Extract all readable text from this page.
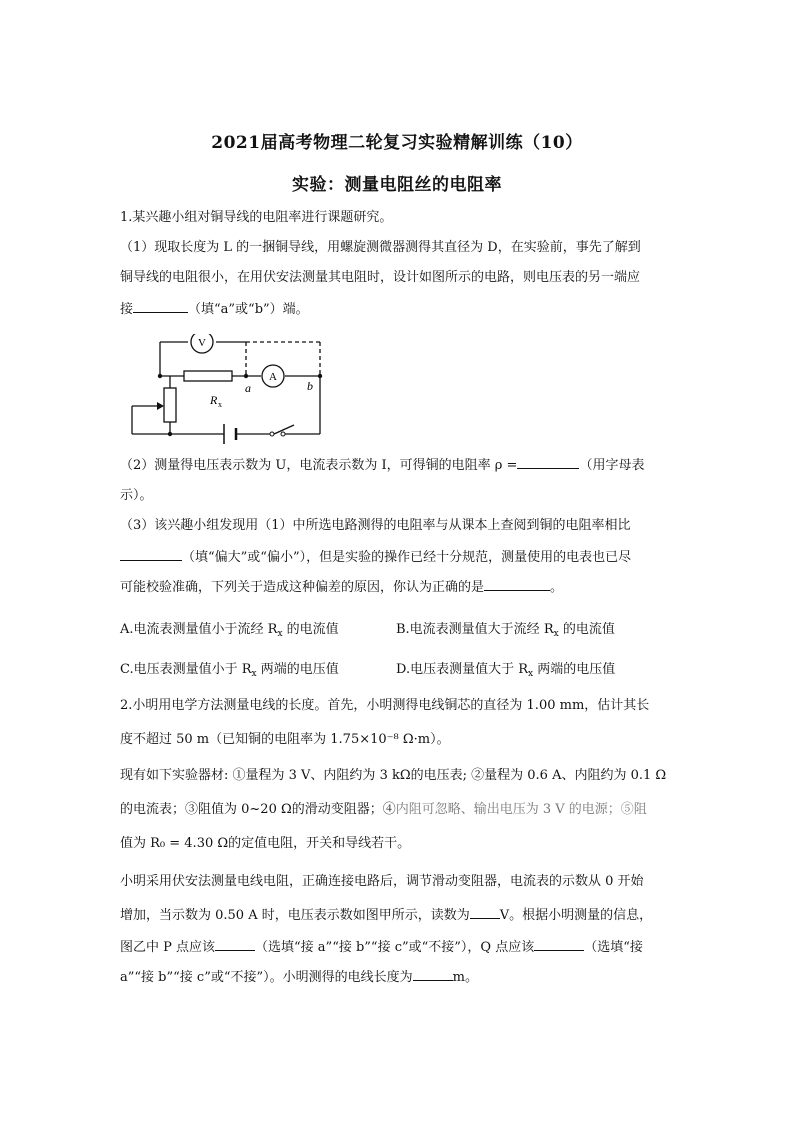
2021届高考物理二轮复习实验精解训练（10）
实验：测量电阻丝的电阻率
1.某兴趣小组对铜导线的电阻率进行课题研究。
（1）现取长度为 L 的一捆铜导线，用螺旋测微器测得其直径为 D，在实验前，事先了解到
铜导线的电阻很小，在用伏安法测量其电阻时，设计如图所示的电路，则电压表的另一端应
接	（填“a”或“b”）端。
V
A
a	b
R x
（2）测量得电压表示数为 U，电流表示数为 I，可得铜的电阻率 ρ =	（用字母表
示）。
（3）该兴趣小组发现用（1）中所选电路测得的电阻率与从课本上查阅到铜的电阻率相比
（填“偏大”或“偏小”），但是实验的操作已经十分规范，测量使用的电表也已尽
可能校验准确，下列关于造成这种偏差的原因，你认为正确的是	。
A.电流表测量值小于流经 $R_x$ 的电流值	B.电流表测量值大于流经 $R_x$ 的电流值
C.电压表测量值小于 $R_x$ 两端的电压值	D.电压表测量值大于 $R_x$ 两端的电压值
2.小明用电学方法测量电线的长度。首先，小明测得电线铜芯的直径为 1.00 mm，估计其长
度不超过 50 m（已知铜的电阻率为 1.75×10⁻⁸ Ω·m）。
现有如下实验器材: ①量程为 3 V、内阻约为 3 kΩ的电压表; ②量程为 0.6 A、内阻约为 0.1 Ω
的电流表；③阻值为 0~20 Ω的滑动变阻器；④内阻可忽略、输出电压为 3 V 的电源；⑤阻
值为 R₀ = 4.30 Ω的定值电阻，开关和导线若干。
小明采用伏安法测量电线电阻，正确连接电路后，调节滑动变阻器，电流表的示数从 0 开始
增加，当示数为 0.50 A 时，电压表示数如图甲所示，读数为 V。根据小明测量的信息，
图乙中 P 点应该	（选填“接 a”“接 b”“接 c”或“不接”），Q 点应该	（选填“接
a”“接 b”“接 c”或“不接”）。小明测得的电线长度为	m。
